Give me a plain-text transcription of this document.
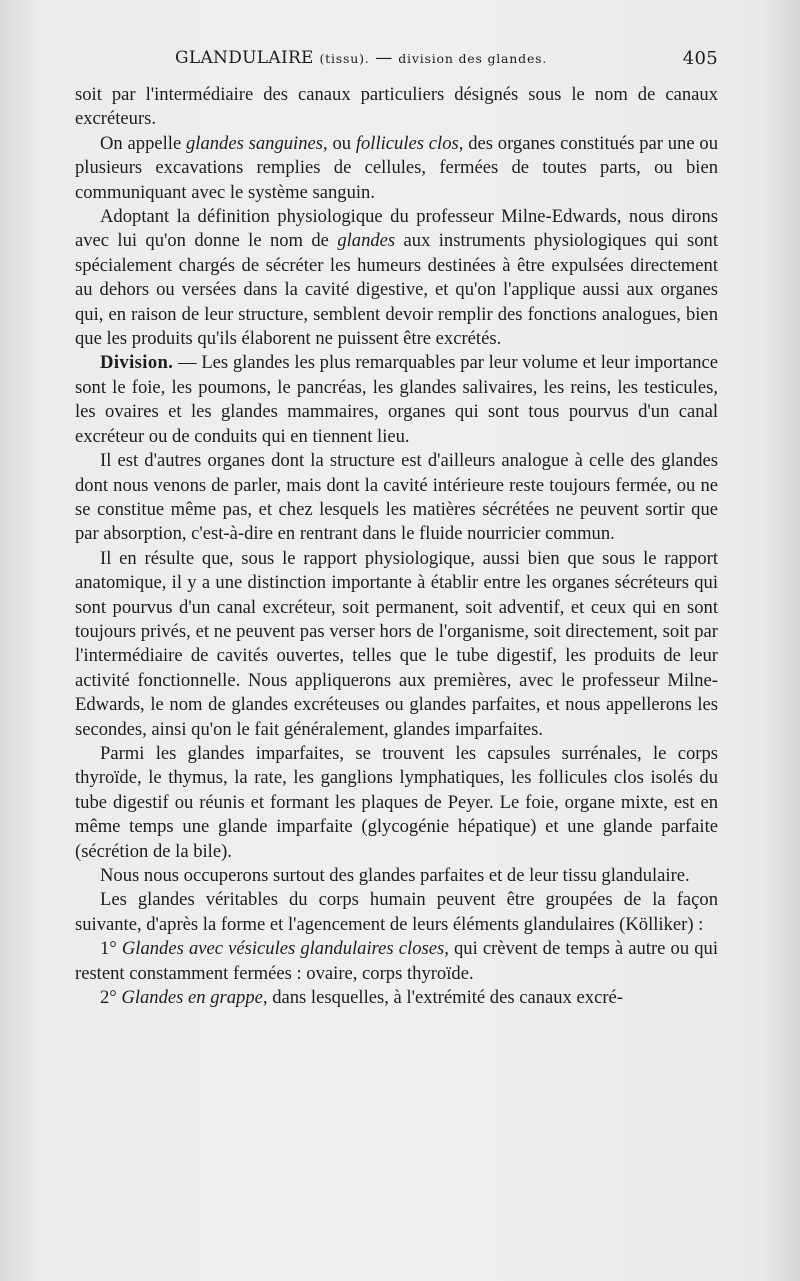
GLANDULAIRE (tissu). — division des glandes.	405

soit par l'intermédiaire des canaux particuliers désignés sous le nom de canaux excréteurs.

On appelle glandes sanguines, ou follicules clos, des organes constitués par une ou plusieurs excavations remplies de cellules, fermées de toutes parts, ou bien communiquant avec le système sanguin.

Adoptant la définition physiologique du professeur Milne-Edwards, nous dirons avec lui qu'on donne le nom de glandes aux instruments physiologiques qui sont spécialement chargés de sécréter les humeurs destinées à être expulsées directement au dehors ou versées dans la cavité digestive, et qu'on l'applique aussi aux organes qui, en raison de leur structure, semblent devoir remplir des fonctions analogues, bien que les produits qu'ils élaborent ne puissent être excrétés.

Division. — Les glandes les plus remarquables par leur volume et leur importance sont le foie, les poumons, le pancréas, les glandes salivaires, les reins, les testicules, les ovaires et les glandes mammaires, organes qui sont tous pourvus d'un canal excréteur ou de conduits qui en tiennent lieu.

Il est d'autres organes dont la structure est d'ailleurs analogue à celle des glandes dont nous venons de parler, mais dont la cavité intérieure reste toujours fermée, ou ne se constitue même pas, et chez lesquels les matières sécrétées ne peuvent sortir que par absorption, c'est-à-dire en rentrant dans le fluide nourricier commun.

Il en résulte que, sous le rapport physiologique, aussi bien que sous le rapport anatomique, il y a une distinction importante à établir entre les organes sécréteurs qui sont pourvus d'un canal excréteur, soit permanent, soit adventif, et ceux qui en sont toujours privés, et ne peuvent pas verser hors de l'organisme, soit directement, soit par l'intermédiaire de cavités ouvertes, telles que le tube digestif, les produits de leur activité fonctionnelle. Nous appliquerons aux premières, avec le professeur Milne-Edwards, le nom de glandes excréteuses ou glandes parfaites, et nous appellerons les secondes, ainsi qu'on le fait généralement, glandes imparfaites.

Parmi les glandes imparfaites, se trouvent les capsules surrénales, le corps thyroïde, le thymus, la rate, les ganglions lymphatiques, les follicules clos isolés du tube digestif ou réunis et formant les plaques de Peyer. Le foie, organe mixte, est en même temps une glande imparfaite (glycogénie hépatique) et une glande parfaite (sécrétion de la bile).

Nous nous occuperons surtout des glandes parfaites et de leur tissu glandulaire.

Les glandes véritables du corps humain peuvent être groupées de la façon suivante, d'après la forme et l'agencement de leurs éléments glandulaires (Kölliker) :

1° Glandes avec vésicules glandulaires closes, qui crèvent de temps à autre ou qui restent constamment fermées : ovaire, corps thyroïde.

2° Glandes en grappe, dans lesquelles, à l'extrémité des canaux excré-
